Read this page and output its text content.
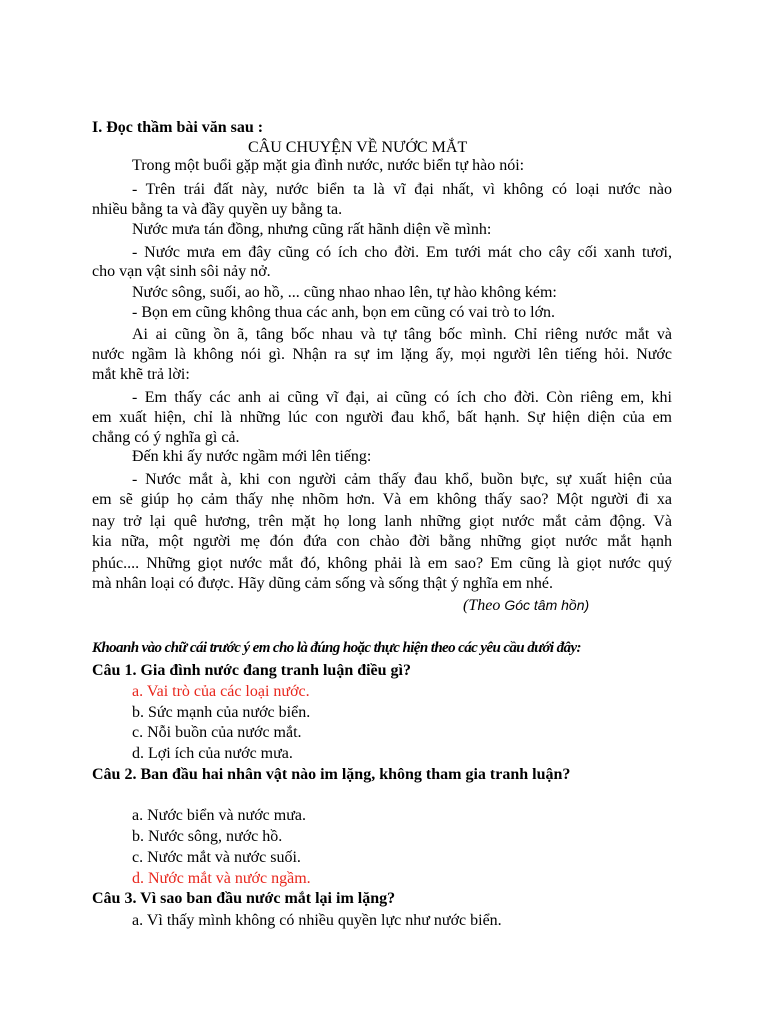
I. Đọc thầm bài văn sau :
CÂU CHUYỆN VỀ NƯỚC MẮT
Trong một buổi gặp mặt gia đình nước, nước biển tự hào nói:
- Trên trái đất này, nước biển ta là vĩ đại nhất, vì không có loại nước nào
nhiều bằng ta và đầy quyền uy bằng ta.
Nước mưa tán đồng, nhưng cũng rất hãnh diện về mình:
- Nước mưa em đây cũng có ích cho đời. Em tưới mát cho cây cối xanh tươi,
cho vạn vật sinh sôi nảy nở.
Nước sông, suối, ao hồ, ... cũng nhao nhao lên, tự hào không kém:
- Bọn em cũng không thua các anh, bọn em cũng có vai trò to lớn.
Ai ai cũng ồn ã, tâng bốc nhau và tự tâng bốc mình. Chỉ riêng nước mắt và
nước ngầm là không nói gì. Nhận ra sự im lặng ấy, mọi người lên tiếng hỏi. Nước
mắt khẽ trả lời:
- Em thấy các anh ai cũng vĩ đại, ai cũng có ích cho đời. Còn riêng em, khi
em xuất hiện, chỉ là những lúc con người đau khổ, bất hạnh. Sự hiện diện của em
chẳng có ý nghĩa gì cả.
Đến khi ấy nước ngầm mới lên tiếng:
- Nước mắt à, khi con người cảm thấy đau khổ, buồn bực, sự xuất hiện của
em sẽ giúp họ cảm thấy nhẹ nhõm hơn. Và em không thấy sao? Một người đi xa
nay trở lại quê hương, trên mặt họ long lanh những giọt nước mắt cảm động. Và
kia nữa, một người mẹ đón đứa con chào đời bằng những giọt nước mắt hạnh
phúc.... Những giọt nước mắt đó, không phải là em sao? Em cũng là giọt nước quý
mà nhân loại có được. Hãy dũng cảm sống và sống thật ý nghĩa em nhé.
(Theo Góc tâm hồn)
Khoanh vào chữ cái trước ý em cho là đúng hoặc thực hiện theo các yêu cầu dưới đây:
Câu 1. Gia đình nước đang tranh luận điều gì?
a. Vai trò của các loại nước.
b. Sức mạnh của nước biển.
c. Nỗi buồn của nước mắt.
d. Lợi ích của nước mưa.
Câu 2. Ban đầu hai nhân vật nào im lặng, không tham gia tranh luận?
a. Nước biển và nước mưa.
b. Nước sông, nước hồ.
c. Nước mắt và nước suối.
d. Nước mắt và nước ngầm.
Câu 3. Vì sao ban đầu nước mắt lại im lặng?
a. Vì thấy mình không có nhiều quyền lực như nước biển.
